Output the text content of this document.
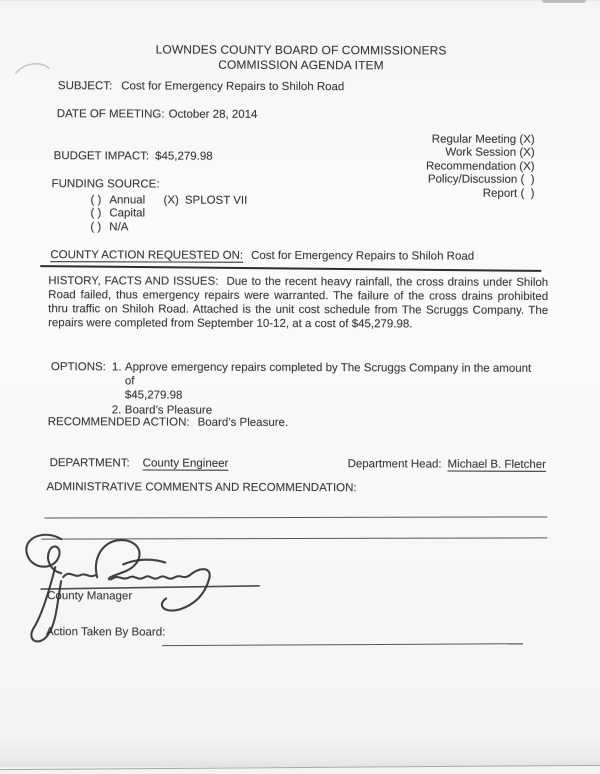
LOWNDES COUNTY BOARD OF COMMISSIONERS
COMMISSION AGENDA ITEM
SUBJECT: Cost for Emergency Repairs to Shiloh Road
DATE OF MEETING: October 28, 2014
Regular Meeting (X)
Work Session (X)
Recommendation (X)
Policy/Discussion (  )
Report (  )
BUDGET IMPACT: $45,279.98
FUNDING SOURCE:
( ) Annual (X) SPLOST VII
( ) Capital
( ) N/A
COUNTY ACTION REQUESTED ON: Cost for Emergency Repairs to Shiloh Road
HISTORY, FACTS AND ISSUES: Due to the recent heavy rainfall, the cross drains under Shiloh Road failed, thus emergency repairs were warranted. The failure of the cross drains prohibited thru traffic on Shiloh Road. Attached is the unit cost schedule from The Scruggs Company. The repairs were completed from September 10-12, at a cost of $45,279.98.
OPTIONS: 1. Approve emergency repairs completed by The Scruggs Company in the amount of
$45,279.98
2. Board’s Pleasure
RECOMMENDED ACTION: Board’s Pleasure.
DEPARTMENT: County Engineer	Department Head: Michael B. Fletcher
ADMINISTRATIVE COMMENTS AND RECOMMENDATION:
County Manager
Action Taken By Board:
